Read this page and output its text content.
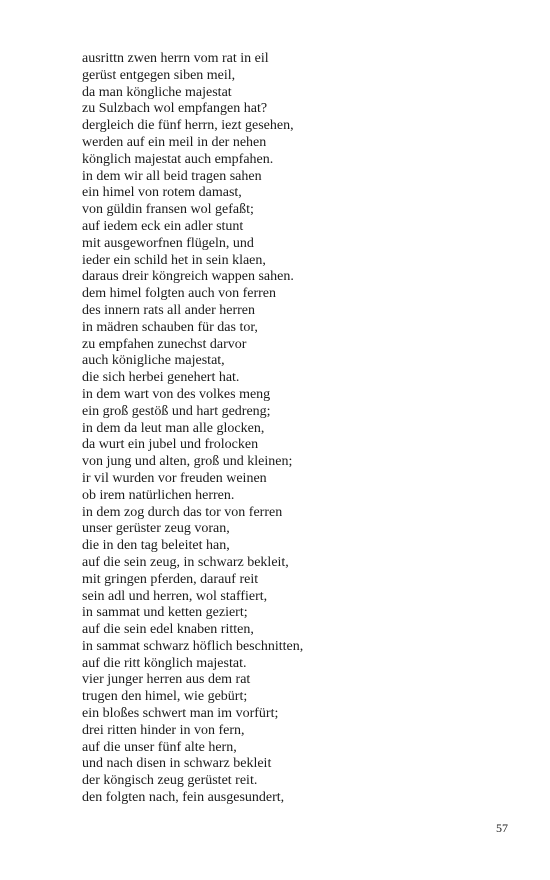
ausrittn zwen herrn vom rat in eil
gerüst entgegen siben meil,
da man köngliche majestat
zu Sulzbach wol empfangen hat?
dergleich die fünf herrn, iezt gesehen,
werden auf ein meil in der nehen
könglich majestat auch empfahen.
in dem wir all beid tragen sahen
ein himel von rotem damast,
von güldin fransen wol gefaßt;
auf iedem eck ein adler stunt
mit ausgeworfnen flügeln, und
ieder ein schild het in sein klaen,
daraus dreir köngreich wappen sahen.
dem himel folgten auch von ferren
des innern rats all ander herren
in mädren schauben für das tor,
zu empfahen zunechst darvor
auch königliche majestat,
die sich herbei genehert hat.
in dem wart von des volkes meng
ein groß gestöß und hart gedreng;
in dem da leut man alle glocken,
da wurt ein jubel und frolocken
von jung und alten, groß und kleinen;
ir vil wurden vor freuden weinen
ob irem natürlichen herren.
in dem zog durch das tor von ferren
unser gerüster zeug voran,
die in den tag beleitet han,
auf die sein zeug, in schwarz bekleit,
mit gringen pferden, darauf reit
sein adl und herren, wol staffiert,
in sammat und ketten geziert;
auf die sein edel knaben ritten,
in sammat schwarz höflich beschnitten,
auf die ritt könglich majestat.
vier junger herren aus dem rat
trugen den himel, wie gebürt;
ein bloßes schwert man im vorfürt;
drei ritten hinder in von fern,
auf die unser fünf alte hern,
und nach disen in schwarz bekleit
der köngisch zeug gerüstet reit.
den folgten nach, fein ausgesundert,
57
